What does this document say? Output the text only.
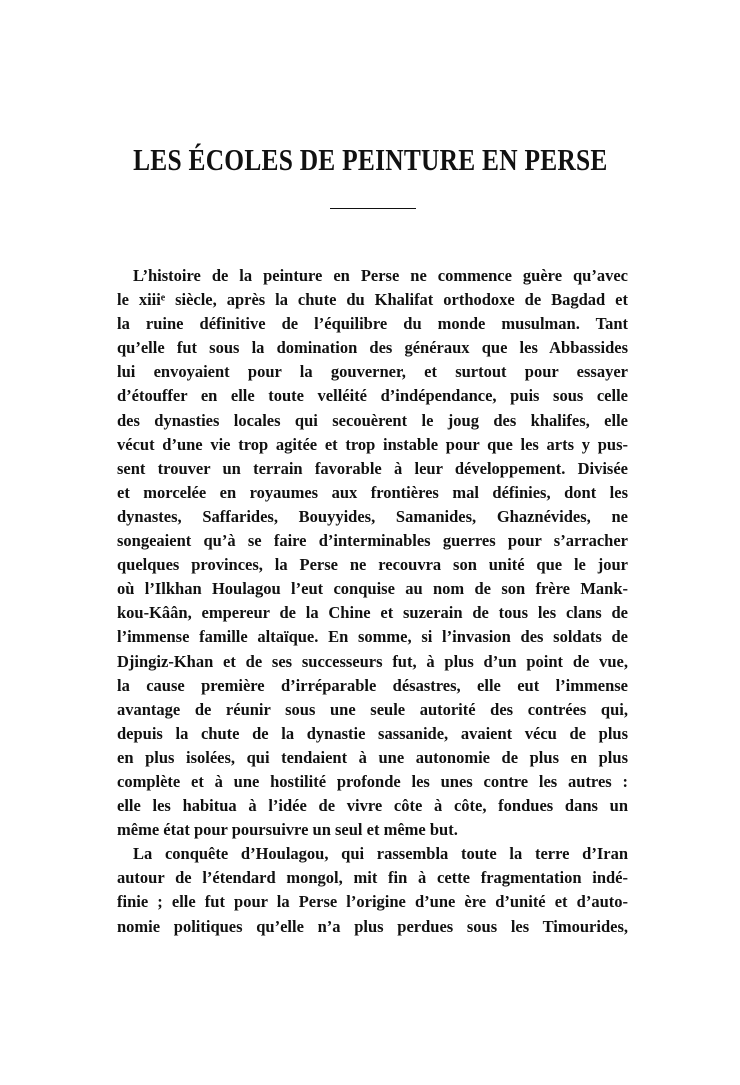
LES ÉCOLES DE PEINTURE EN PERSE
L’histoire de la peinture en Perse ne commence guère qu’avec
le xiiiᵉ siècle, après la chute du Khalifat orthodoxe de Bagdad et
la ruine définitive de l’équilibre du monde musulman. Tant
qu’elle fut sous la domination des généraux que les Abbassides
lui envoyaient pour la gouverner, et surtout pour essayer
d’étouffer en elle toute velléité d’indépendance, puis sous celle
des dynasties locales qui secouèrent le joug des khalifes, elle
vécut d’une vie trop agitée et trop instable pour que les arts y pus-
sent trouver un terrain favorable à leur développement. Divisée
et morcelée en royaumes aux frontières mal définies, dont les
dynastes, Saffarides, Bouyyides, Samanides, Ghaznévides, ne
songeaient qu’à se faire d’interminables guerres pour s’arracher
quelques provinces, la Perse ne recouvra son unité que le jour
où l’Ilkhan Houlagou l’eut conquise au nom de son frère Mank-
kou-Kâân, empereur de la Chine et suzerain de tous les clans de
l’immense famille altaïque. En somme, si l’invasion des soldats de
Djingiz-Khan et de ses successeurs fut, à plus d’un point de vue,
la cause première d’irréparable désastres, elle eut l’immense
avantage de réunir sous une seule autorité des contrées qui,
depuis la chute de la dynastie sassanide, avaient vécu de plus
en plus isolées, qui tendaient à une autonomie de plus en plus
complète et à une hostilité profonde les unes contre les autres :
elle les habitua à l’idée de vivre côte à côte, fondues dans un
même état pour poursuivre un seul et même but.
La conquête d’Houlagou, qui rassembla toute la terre d’Iran
autour de l’étendard mongol, mit fin à cette fragmentation indé-
finie ; elle fut pour la Perse l’origine d’une ère d’unité et d’auto-
nomie politiques qu’elle n’a plus perdues sous les Timourides,
